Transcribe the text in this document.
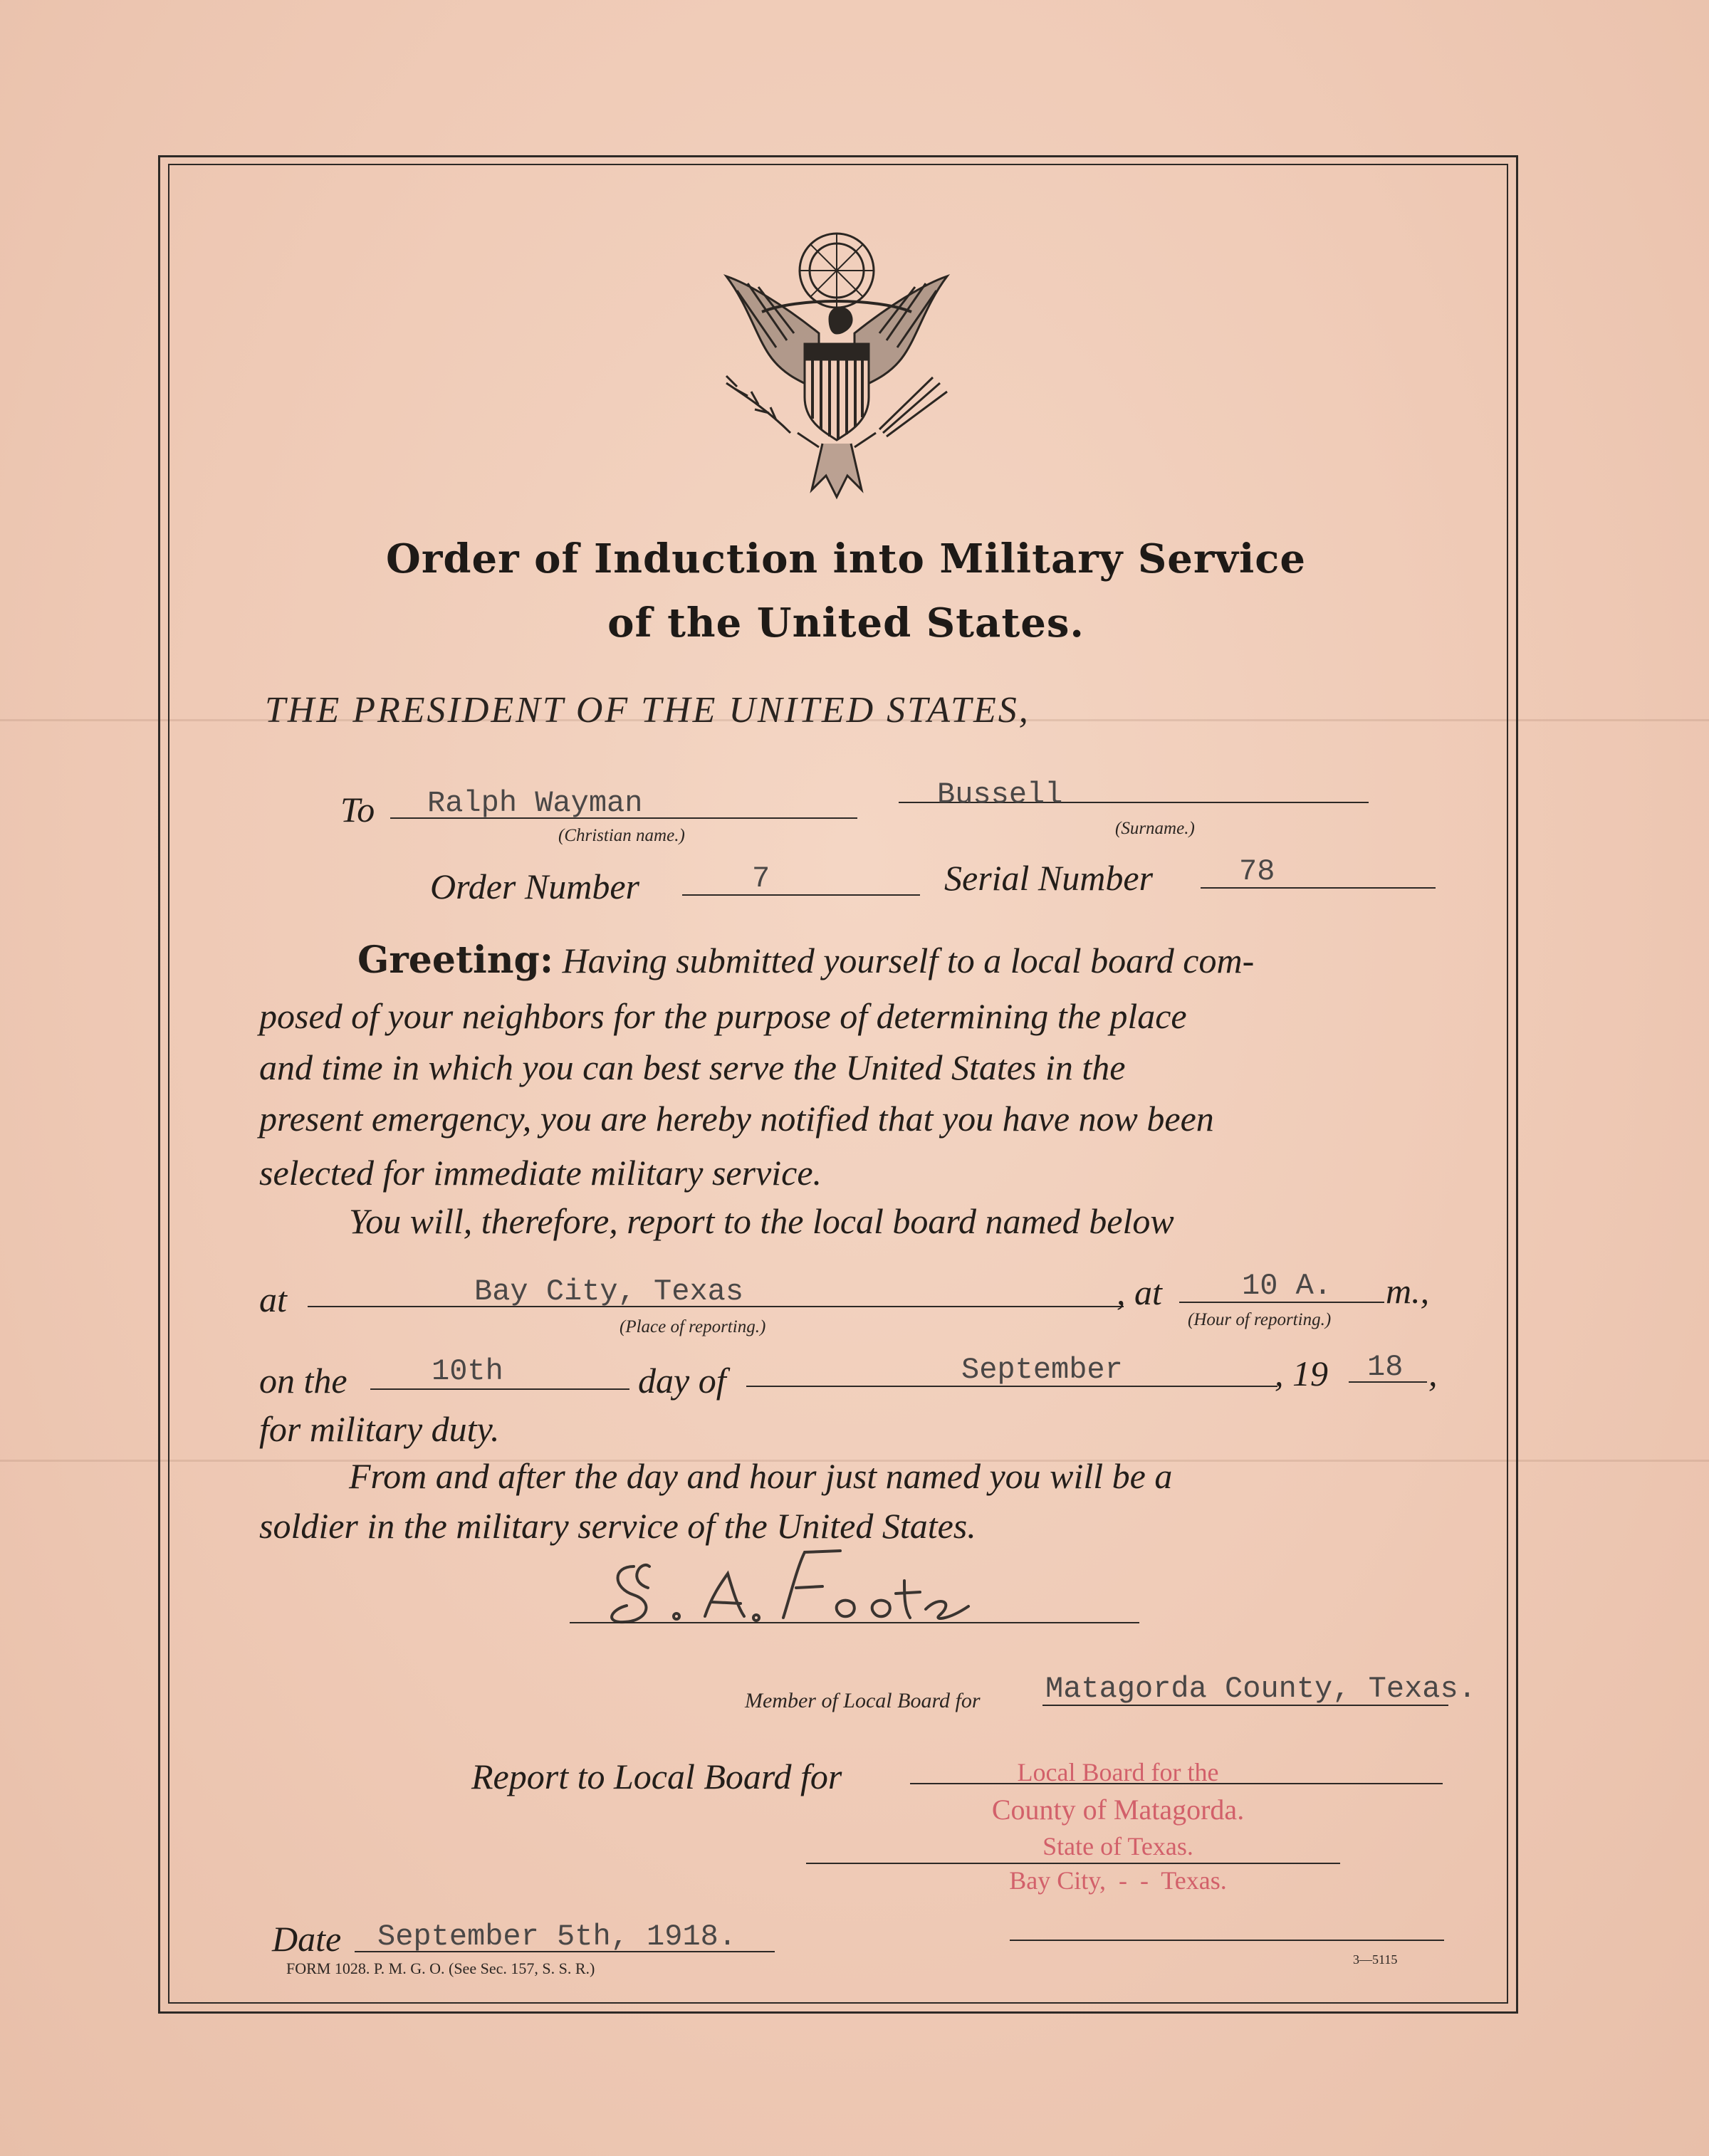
Order of Induction into Military Service
of the United States.
THE PRESIDENT OF THE UNITED STATES,
To Ralph Wayman
(Christian name.)
Bussell
(Surname.)
Order Number	7	Serial Number	78
Greeting: Having submitted yourself to a local board com-
posed of your neighbors for the purpose of determining the place
and time in which you can best serve the United States in the
present emergency, you are hereby notified that you have now been
selected for immediate military service.
You will, therefore, report to the local board named below
at	Bay City, Texas
(Place of reporting.)
, at	10 A. m.,
(Hour of reporting.)
on the	10th	day of	September	, 19 18 ,
for military duty.
From and after the day and hour just named you will be a
soldier in the military service of the United States.
Member of Local Board for Matagorda County, Texas.
Report to Local Board for	Local Board for the
County of Matagorda.
State of Texas.
Bay City,  -  -  Texas.
Date September 5th, 1918.
FORM 1028. P. M. G. O. (See Sec. 157, S. S. R.)	3—5115
